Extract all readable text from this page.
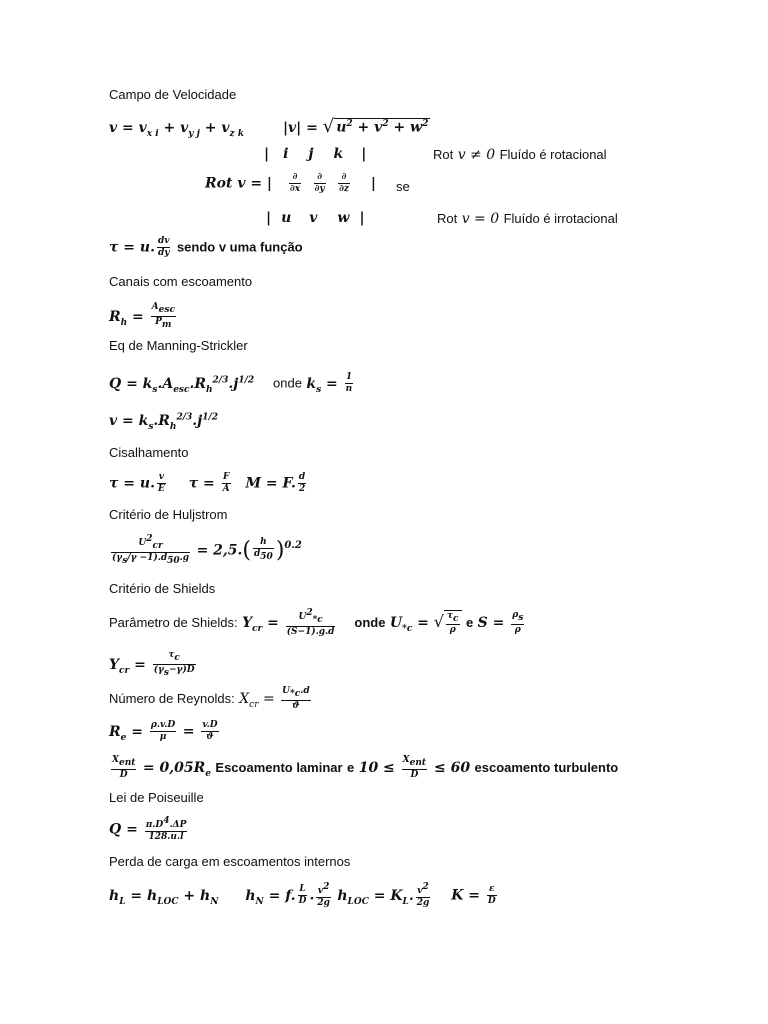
Campo de Velocidade
$v = v_{x i} + v_{y j} + v_{z k}$	|v| = √ $u^2 + v^2 + w^2$
| i j k |	Rot v ≠ 0 Fluído é rotacional
Rot v = | $\frac{\partial}{\partial x}$
$\frac{\partial}{\partial y}$
$\frac{\partial}{\partial z}$ | se
| u v w |	Rot v = 0 Fluído é irrotacional
τ = u. $\frac{dv}{dy}$ sendo v uma função
Canais com escoamento
$R_h = \frac{A_{esc}}{P_m}$
Eq de Manning-Strickler
$Q = k_s.A_{esc}.R_h^{2/3}.j^{1/2}$ onde $k_s = \frac{1}{n}$
$v = k_s.R_h^{2/3}.j^{1/2}$
Cisalhamento
τ = u. $\frac{v}{E}$ $\tau = \frac{F}{A}$ M = F. $\frac{d}{2}$
Critério de Huljstrom
$\frac{U^2_{cr}}{(\gamma_s/\gamma -1).d_{50}.g} = 2,5.( \frac{h}{d_{50}} )^{0.2}$
Critério de Shields
Parâmetro de Shields: $Y_{cr} = \frac{U^2_{*c}}{(S-1).g.d}$ onde $U_{*c}$ = √ $\frac{\tau_c}{\rho}$ e $S = \frac{\rho_s}{\rho}$
$Y_{cr} = \frac{\tau_c}{(\gamma_s-\gamma)D}$
Número de Reynolds: $X_{cr} = \frac{U_{*c}.d}{ϑ}$
$R_e = \frac{\rho.v.D}{\mu} = \frac{v.D}{ϑ}$
$\frac{X_{ent}}{D} = 0,05R_e$ Escoamento laminar e $10 \le \frac{X_{ent}}{D} \le 60$ escoamento turbulento
Lei de Poiseuille
$Q = \frac{\pi.D^4.\Delta P}{128.u.l}$
Perda de carga em escoamentos internos
$h_L = h_{LOC} + h_N$ $h_N = f$. $\frac{L}{D}$ . $\frac{v^2}{2g} h_{LOC} = K_L$. $\frac{v^2}{2g}$ $K = \frac{\varepsilon}{D}$
